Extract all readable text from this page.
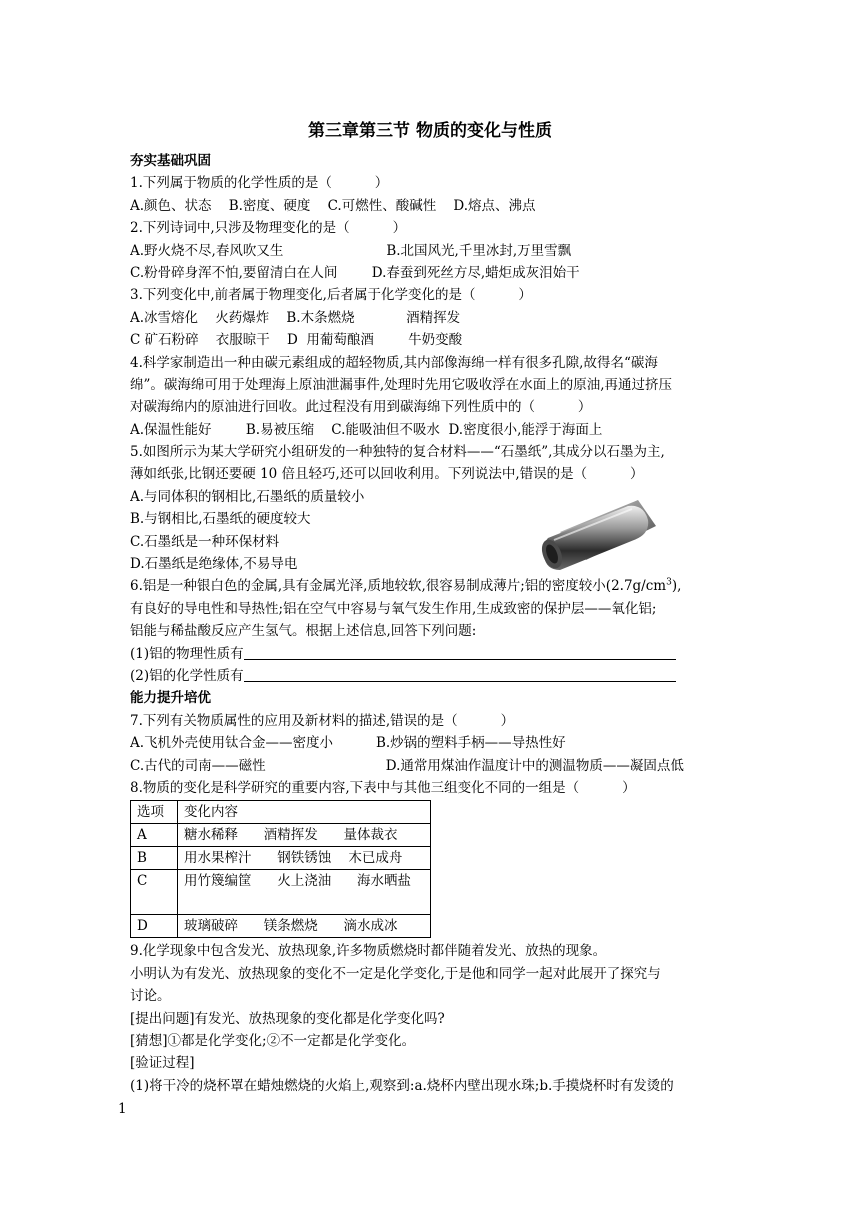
第三章第三节 物质的变化与性质
夯实基础巩固
1.下列属于物质的化学性质的是（          ）
A.颜色、状态    B.密度、硬度    C.可燃性、酸碱性    D.熔点、沸点
2.下列诗词中,只涉及物理变化的是（          ）
A.野火烧不尽,春风吹又生                        B.北国风光,千里冰封,万里雪飘
C.粉骨碎身浑不怕,要留清白在人间        D.春蚕到死丝方尽,蜡炬成灰泪始干
3.下列变化中,前者属于物理变化,后者属于化学变化的是（          ）
A.冰雪熔化    火药爆炸    B.木条燃烧            酒精挥发
C 矿石粉碎    衣服晾干    D  用葡萄酿酒        牛奶变酸
4.科学家制造出一种由碳元素组成的超轻物质,其内部像海绵一样有很多孔隙,故得名“碳海
绵”。碳海绵可用于处理海上原油泄漏事件,处理时先用它吸收浮在水面上的原油,再通过挤压
对碳海绵内的原油进行回收。此过程没有用到碳海绵下列性质中的（          ）
A.保温性能好        B.易被压缩    C.能吸油但不吸水  D.密度很小,能浮于海面上
5.如图所示为某大学研究小组研发的一种独特的复合材料——“石墨纸”,其成分以石墨为主,
薄如纸张,比钢还要硬 10 倍且轻巧,还可以回收利用。下列说法中,错误的是（          ）
A.与同体积的钢相比,石墨纸的质量较小
B.与钢相比,石墨纸的硬度较大
C.石墨纸是一种环保材料
D.石墨纸是绝缘体,不易导电
6.铝是一种银白色的金属,具有金属光泽,质地较软,很容易制成薄片;铝的密度较小$(2.7g/cm^3)$,
有良好的导电性和导热性;铝在空气中容易与氧气发生作用,生成致密的保护层——氧化铝;
铝能与稀盐酸反应产生氢气。根据上述信息,回答下列问题:
(1)铝的物理性质有
(2)铝的化学性质有
能力提升培优
7.下列有关物质属性的应用及新材料的描述,错误的是（          ）
A.飞机外壳使用钛合金——密度小          B.炒锅的塑料手柄——导热性好
C.古代的司南——磁性                            D.通常用煤油作温度计中的测温物质——凝固点低
8.物质的变化是科学研究的重要内容,下表中与其他三组变化不同的一组是（          ）
选项	变化内容
A	糖水稀释      酒精挥发      量体裁衣
B	用水果榨汁      钢铁锈蚀    木已成舟
C	用竹篾编筐      火上浇油      海水晒盐
D	玻璃破碎      镁条燃烧      滴水成冰
9.化学现象中包含发光、放热现象,许多物质燃烧时都伴随着发光、放热的现象。
小明认为有发光、放热现象的变化不一定是化学变化,于是他和同学一起对此展开了探究与
讨论。
[提出问题]有发光、放热现象的变化都是化学变化吗?
[猜想]①都是化学变化;②不一定都是化学变化。
[验证过程]
(1)将干冷的烧杯罩在蜡烛燃烧的火焰上,观察到:a.烧杯内壁出现水珠;b.手摸烧杯时有发烫的
1
